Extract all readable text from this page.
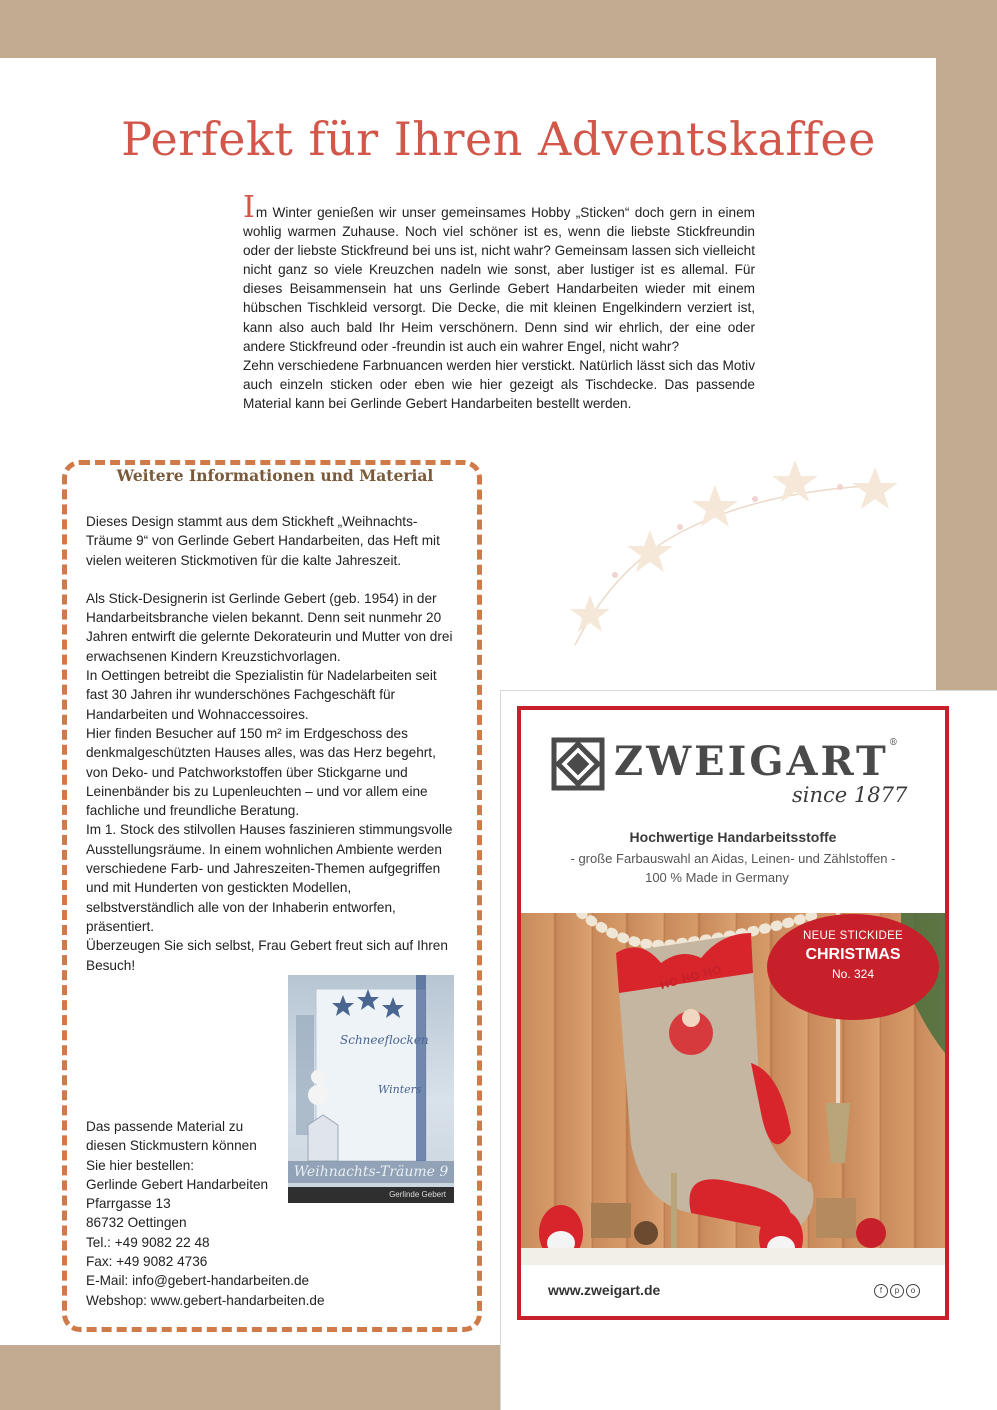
Perfekt für Ihren Adventskaffee

Im Winter genießen wir unser gemeinsames Hobby „Sticken“ doch gern in einem wohlig warmen Zuhause. Noch viel schöner ist es, wenn die liebste Stickfreundin oder der liebste Stickfreund bei uns ist, nicht wahr? Gemeinsam lassen sich vielleicht nicht ganz so viele Kreuzchen nadeln wie sonst, aber lustiger ist es allemal. Für dieses Beisammensein hat uns Gerlinde Gebert Handarbeiten wieder mit einem hübschen Tischkleid versorgt. Die Decke, die mit kleinen Engelkindern verziert ist, kann also auch bald Ihr Heim verschönern. Denn sind wir ehrlich, der eine oder andere Stickfreund oder -freundin ist auch ein wahrer Engel, nicht wahr?

Zehn verschiedene Farbnuancen werden hier verstickt. Natürlich lässt sich das Motiv auch einzeln sticken oder eben wie hier gezeigt als Tischdecke. Das passende Material kann bei Gerlinde Gebert Handarbeiten bestellt werden.

Weitere Informationen und Material

Dieses Design stammt aus dem Stickheft „Weihnachts-Träume 9“ von Gerlinde Gebert Handarbeiten, das Heft mit vielen weiteren Stickmotiven für die kalte Jahreszeit.

Als Stick-Designerin ist Gerlinde Gebert (geb. 1954) in der Handarbeitsbranche vielen bekannt. Denn seit nunmehr 20 Jahren entwirft die gelernte Dekorateurin und Mutter von drei erwachsenen Kindern Kreuzstichvorlagen.

In Oettingen betreibt die Spezialistin für Nadelarbeiten seit fast 30 Jahren ihr wunderschönes Fachgeschäft für Handarbeiten und Wohnaccessoires.

Hier finden Besucher auf 150 m² im Erdgeschoss des denkmalgeschützten Hauses alles, was das Herz begehrt, von Deko- und Patchworkstoffen über Stickgarne und Leinenbänder bis zu Lupenleuchten – und vor allem eine fachliche und freundliche Beratung.

Im 1. Stock des stilvollen Hauses faszinieren stimmungsvolle Ausstellungsräume. In einem wohnlichen Ambiente werden verschiedene Farb- und Jahreszeiten-Themen aufgegriffen und mit Hunderten von gestickten Modellen, selbstverständlich alle von der Inhaberin entworfen, präsentiert.

Überzeugen Sie sich selbst, Frau Gebert freut sich auf Ihren Besuch!

Schneeflocken
Winters
Weihnachts-Träume 9
Gerlinde Gebert
Das passende Material zu
diesen Stickmustern können
Sie hier bestellen:
Gerlinde Gebert Handarbeiten
Pfarrgasse 13
86732 Oettingen
Tel.: +49 9082 22 48
Fax: +49 9082 4736
E-Mail: info@gebert-handarbeiten.de
Webshop: www.gebert-handarbeiten.de
ZWEIGART®
since 1877
Hochwertige Handarbeitsstoffe
- große Farbauswahl an Aidas, Leinen- und Zählstoffen -
100 % Made in Germany
HO HO HO
NEUE STICKIDEE
CHRISTMAS
No. 324
www.zweigart.de	f	p	o
